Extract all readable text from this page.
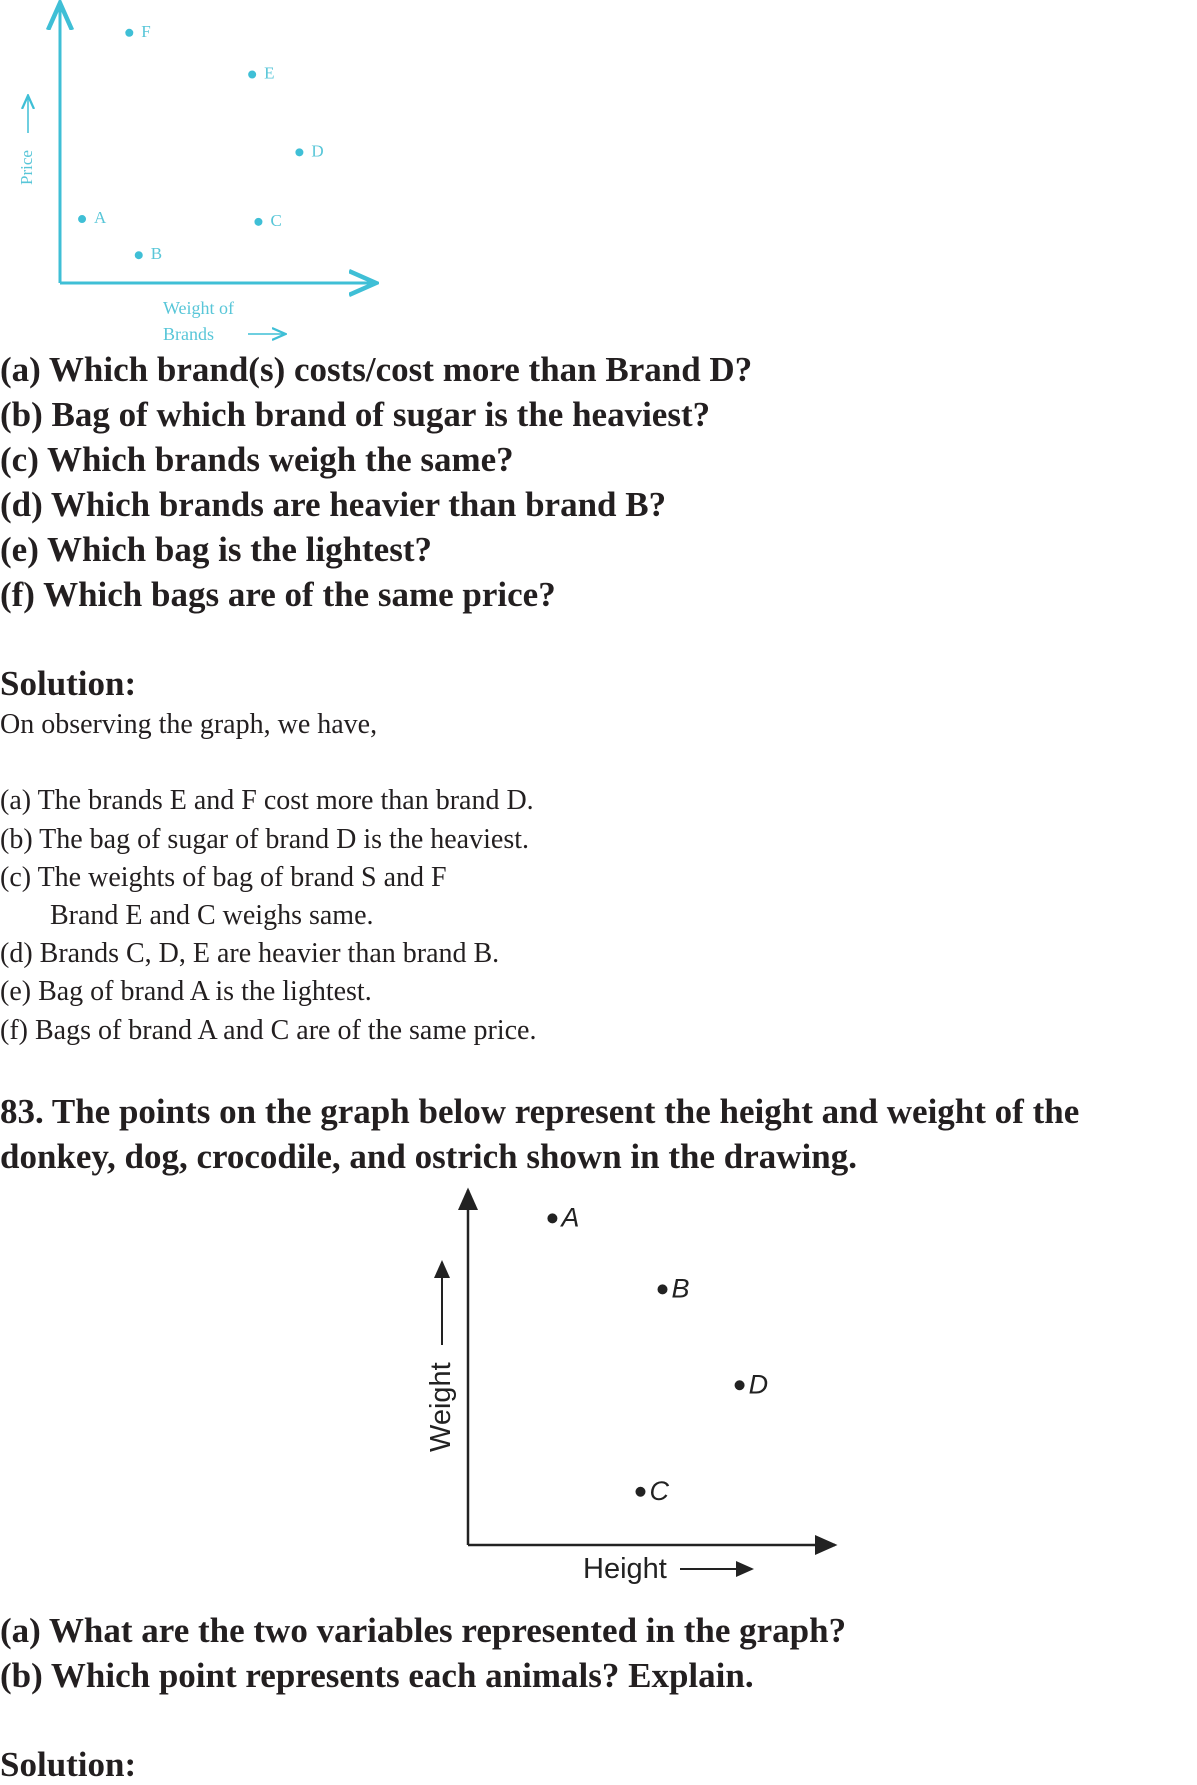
Price
Weight of
Brands
F
E
D
A	C
B
Weight
Height
A
B
D
C
(a) Which brand(s) costs/cost more than Brand D?
(b) Bag of which brand of sugar is the heaviest?
(c) Which brands weigh the same?
(d) Which brands are heavier than brand B?
(e) Which bag is the lightest?
(f) Which bags are of the same price?
Solution:
On observing the graph, we have,
(a) The brands E and F cost more than brand D.
(b) The bag of sugar of brand D is the heaviest.
(c) The weights of bag of brand S and F
Brand E and C weighs same.
(d) Brands C, D, E are heavier than brand B.
(e) Bag of brand A is the lightest.
(f) Bags of brand A and C are of the same price.
83. The points on the graph below represent the height and weight of the
donkey, dog, crocodile, and ostrich shown in the drawing.
(a) What are the two variables represented in the graph?
(b) Which point represents each animals? Explain.
Solution:
